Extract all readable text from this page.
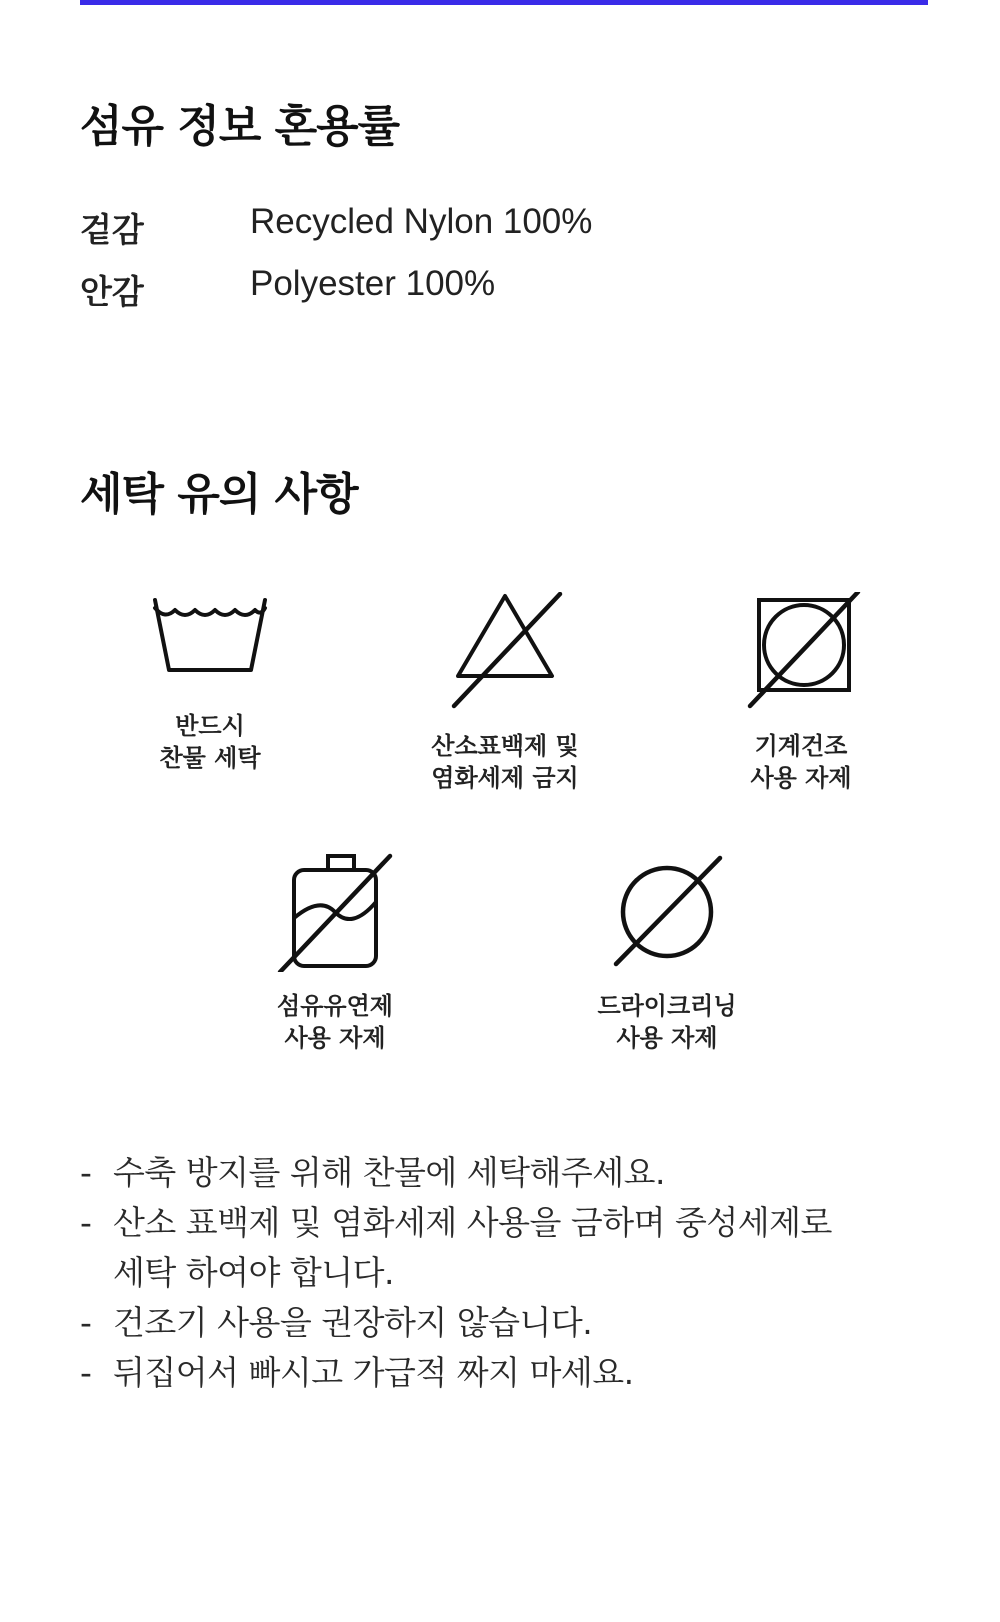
섬유 정보 혼용률
겉감	Recycled Nylon 100%
안감	Polyester 100%
세탁 유의 사항
반드시
찬물 세탁	산소표백제 및
염화세제 금지
기계건조
사용 자제
섬유유연제
사용 자제
드라이크리닝
사용 자제
- 수축 방지를 위해 찬물에 세탁해주세요.
- 산소 표백제 및 염화세제 사용을 금하며 중성세제로
세탁 하여야 합니다.
- 건조기 사용을 권장하지 않습니다.
- 뒤집어서 빠시고 가급적 짜지 마세요.
